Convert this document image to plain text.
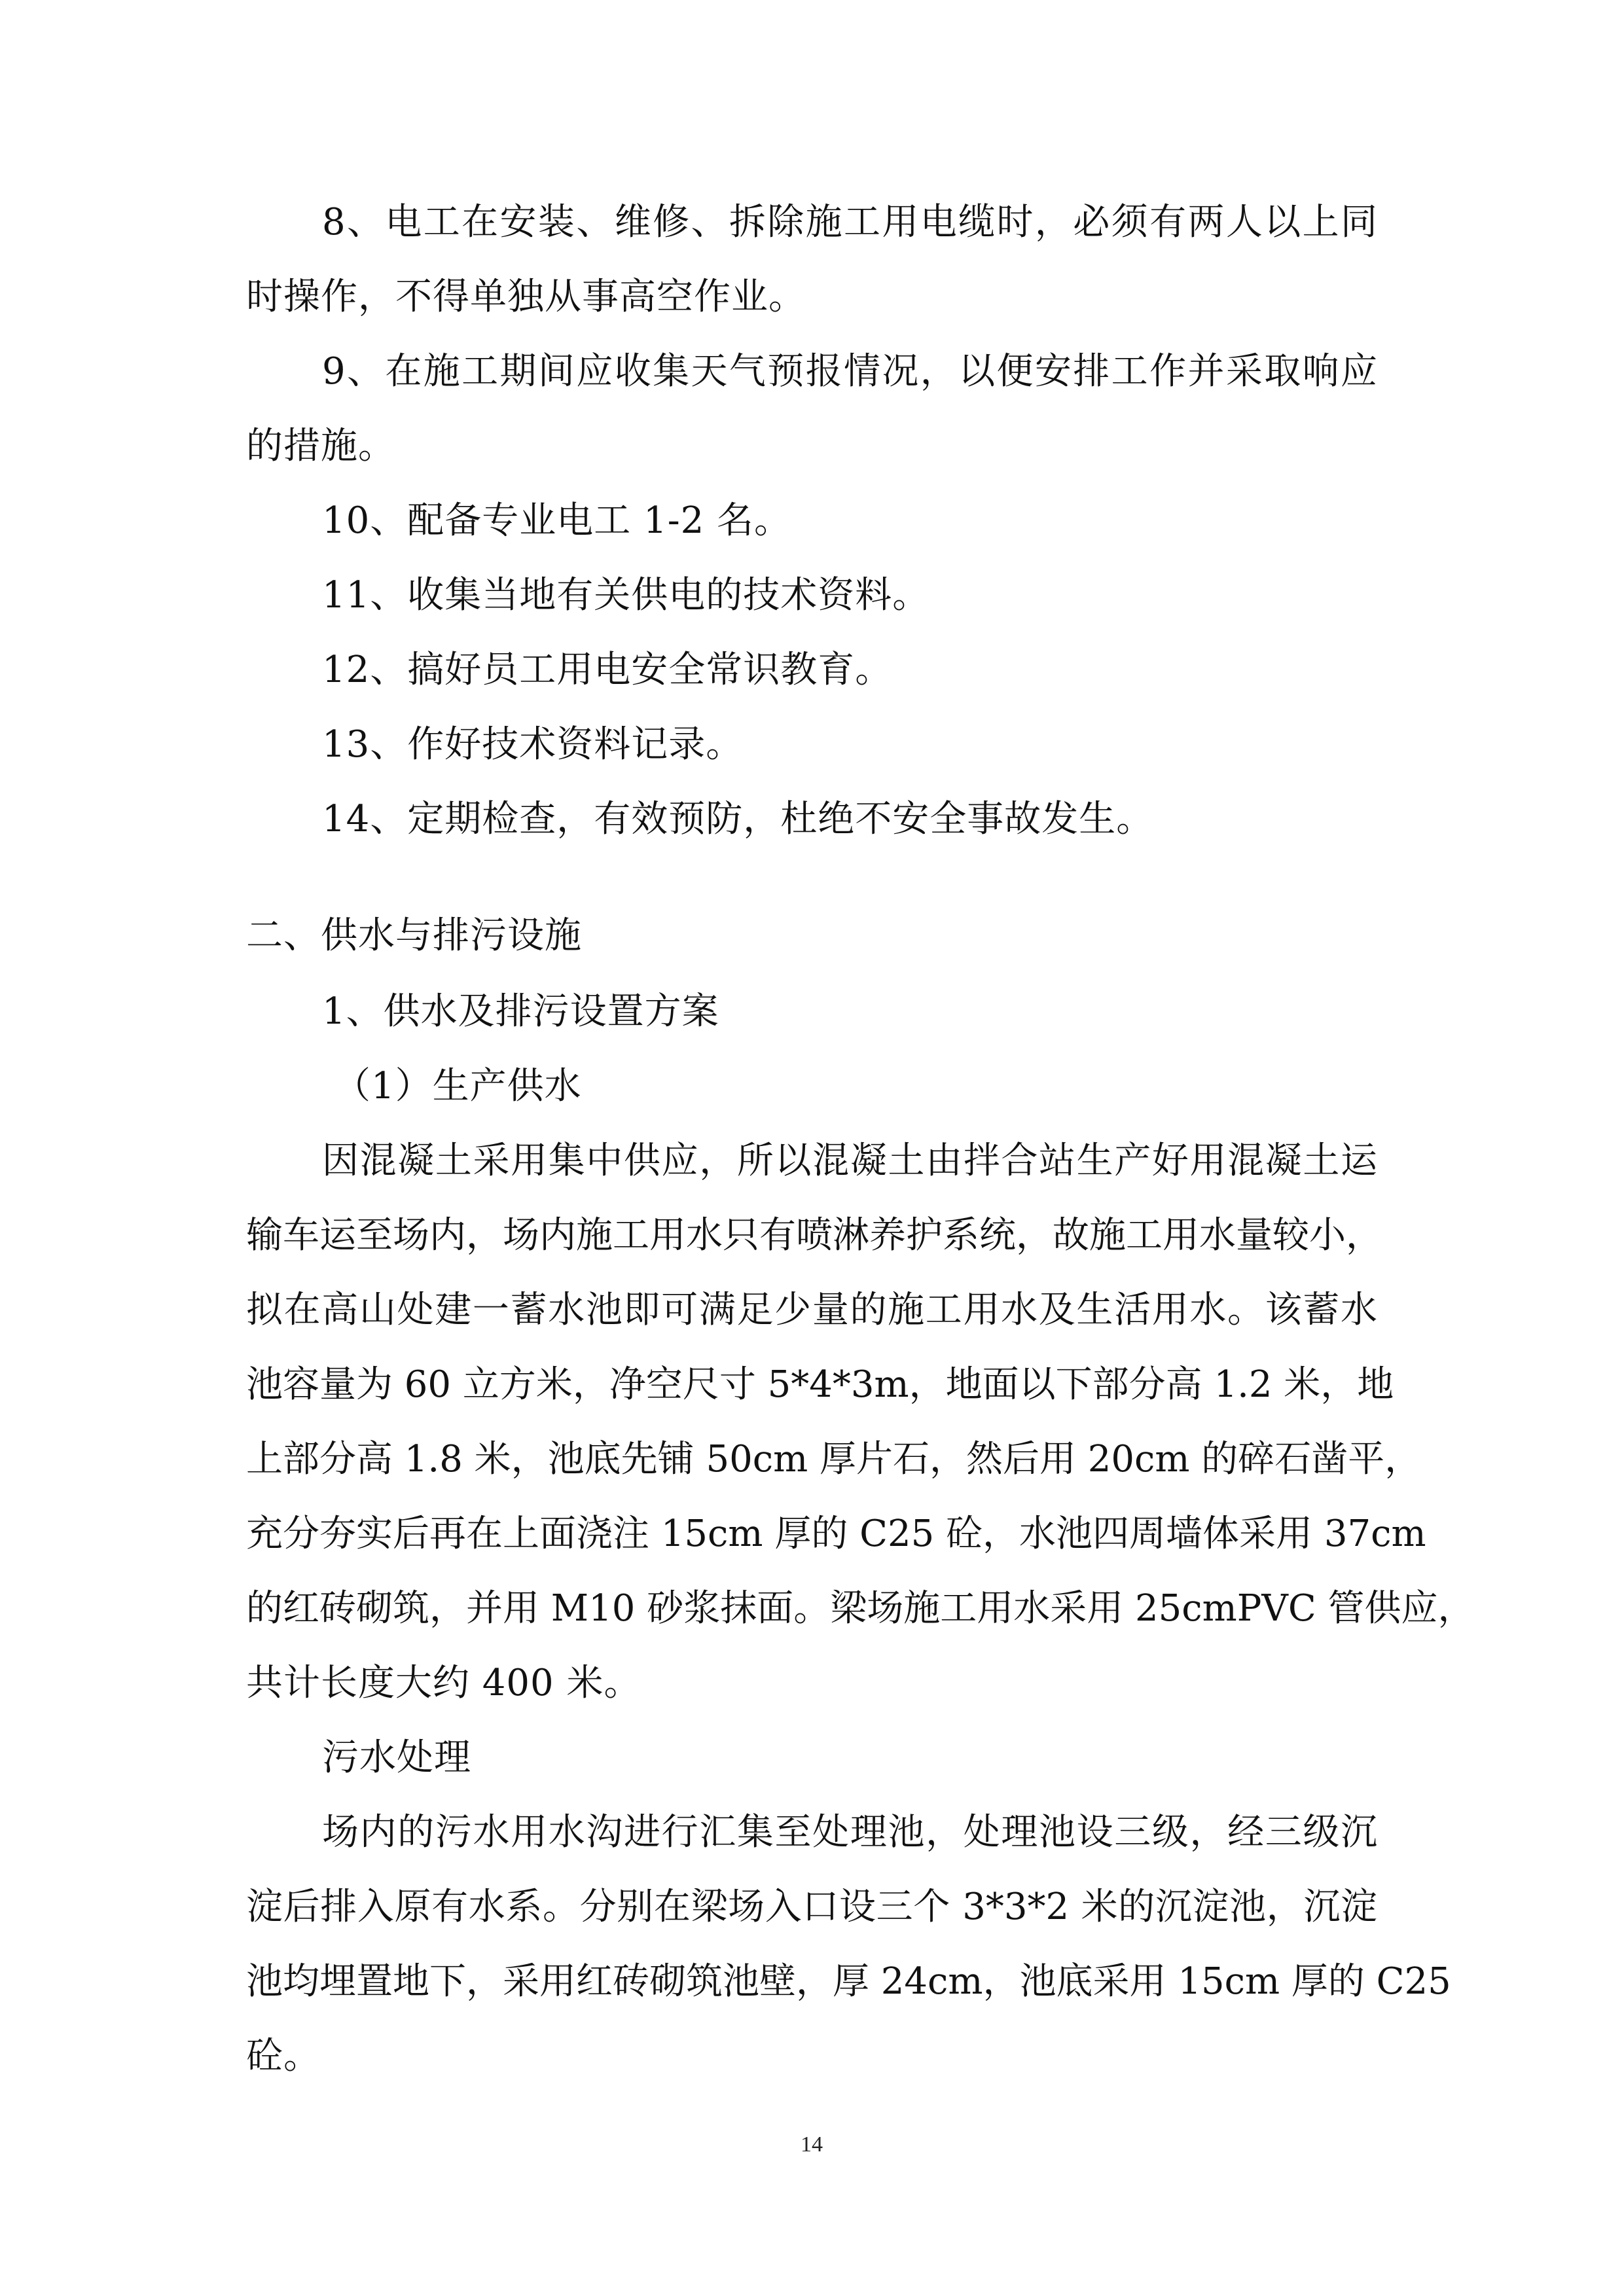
8、电工在安装、维修、拆除施工用电缆时，必须有两人以上同
时操作，不得单独从事高空作业。
9、在施工期间应收集天气预报情况，以便安排工作并采取响应
的措施。
10、配备专业电工 1-2 名。
11、收集当地有关供电的技术资料。
12、搞好员工用电安全常识教育。
13、作好技术资料记录。
14、定期检查，有效预防，杜绝不安全事故发生。
二、供水与排污设施
1、供水及排污设置方案
（1）生产供水
因混凝土采用集中供应，所以混凝土由拌合站生产好用混凝土运
输车运至场内，场内施工用水只有喷淋养护系统，故施工用水量较小，
拟在高山处建一蓄水池即可满足少量的施工用水及生活用水。该蓄水
池容量为 60 立方米，净空尺寸 5*4*3m，地面以下部分高 1.2 米，地
上部分高 1.8 米，池底先铺 50cm 厚片石，然后用 20cm 的碎石凿平，
充分夯实后再在上面浇注 15cm 厚的 C25 砼，水池四周墙体采用 37cm
的红砖砌筑，并用 M10 砂浆抹面。梁场施工用水采用 25cmPVC 管供应，
共计长度大约 400 米。
污水处理
场内的污水用水沟进行汇集至处理池，处理池设三级，经三级沉
淀后排入原有水系。分别在梁场入口设三个 3*3*2 米的沉淀池，沉淀
池均埋置地下，采用红砖砌筑池壁，厚 24cm，池底采用 15cm 厚的 C25
砼。
14
